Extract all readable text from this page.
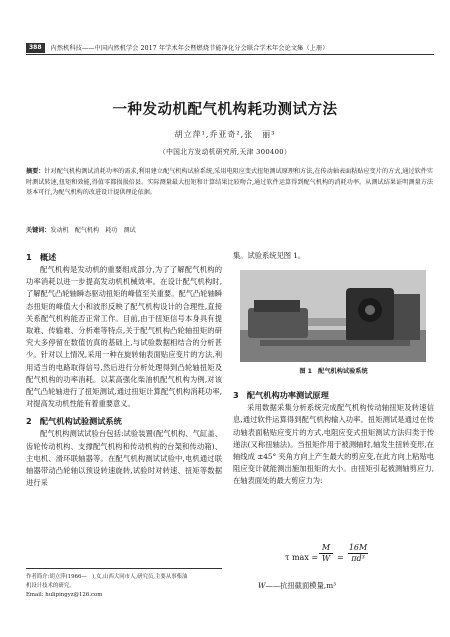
388	内然机科技——中国内然机学会 2017 年学术年会暨燃烧节能净化分会联合学术年会论文集（上册）
一种发动机配气机构耗功测试方法
胡立萍¹,乔亚奇²,张　丽³
（中国北方发动机研究所,天津 300400）
摘要：针对配气机构测试消耗功率的需求,利用建立配气机构试验系统,采用电阻应变式扭矩测试原理和方法,在传动轴表面粘贴应变片的方式,通过软件实时测试转速,扭矩和效能,得值零都损损倍县。实际测量最大扭矩和计算结果比较吻合,通过软件运算得到配气机构的消耗功率。从测试结果证明测量方法基本可行,为配气机构的改进设计提供理论依据。
关键词：发动机　配气机构　耗功　测试
1　概述

配气机构是发动机的重要组成部分,为了了解配气机构的功率消耗以进一步提高发动机机械效率。在设计配气机构时,了解配气凸轮轴瞬态驱动扭矩的峰值至关重要。配气凸轮轴瞬态扭矩的峰值大小和波形反映了配气机构设计的合理性,直接关系配气机构能否正常工作。目前,由于扭矩信号本身具有提取难、传输难、分析难等特点,关于配气机构凸轮轴扭矩的研究大多停留在数值仿真的基础上,与试验数据相结合的分析甚少。针对以上情况,采用一种在旋转轴表面贴应变片的方法,利用适当的电路取得信号,然后进行分析处理得到凸轮轴扭矩及配气机构的功率消耗。以某高强化柴油机配气机构为例,对该配气凸轮轴进行了扭矩测试,通过扭矩计算配气机构消耗功率,对提高发动机性能有着重要意义。

2　配气机构试验测试系统

配气机构测试试验台包括:试验装置(配气机构、气缸盖、齿轮传动机构、支撑配气机构和传动机构的台架和传动箱)、主电机、滑环联轴器等。在配气机构测试试验中,电机通过联轴器带动凸轮轴以预设转速旋转,试验时对转速、扭矩等数据进行采

集。试验系统见图 1。

3　配气机构功率测试原理

采用数据采集分析系统完成配气机构传动轴扭矩及转速信息,通过软件运算得到配气机构输入功率。扭矩测试是通过在传动轴表面粘贴应变片的方式,电阻应变式扭矩测试方法归类于传递法(又称扭轴法)。当扭矩作用于被测轴时,轴发生扭转变形,在轴线成 ±45° 夹角方向上产生最大的剪应变,在此方向上粘贴电阻应变计就能测出施加扭矩的大小。由扭矩引起被测轴剪应力,在轴表面处的最大剪应力为:

图 1　配气机构试验系统
τ max =
M
W =
16M
πd³
W——抗扭截面模量,m³
作者简介:胡立萍(1966—　),女,山西大同市人,研究员,主要从事柴油
机设计技术的研究。
Email: hulipingyz@126.com
